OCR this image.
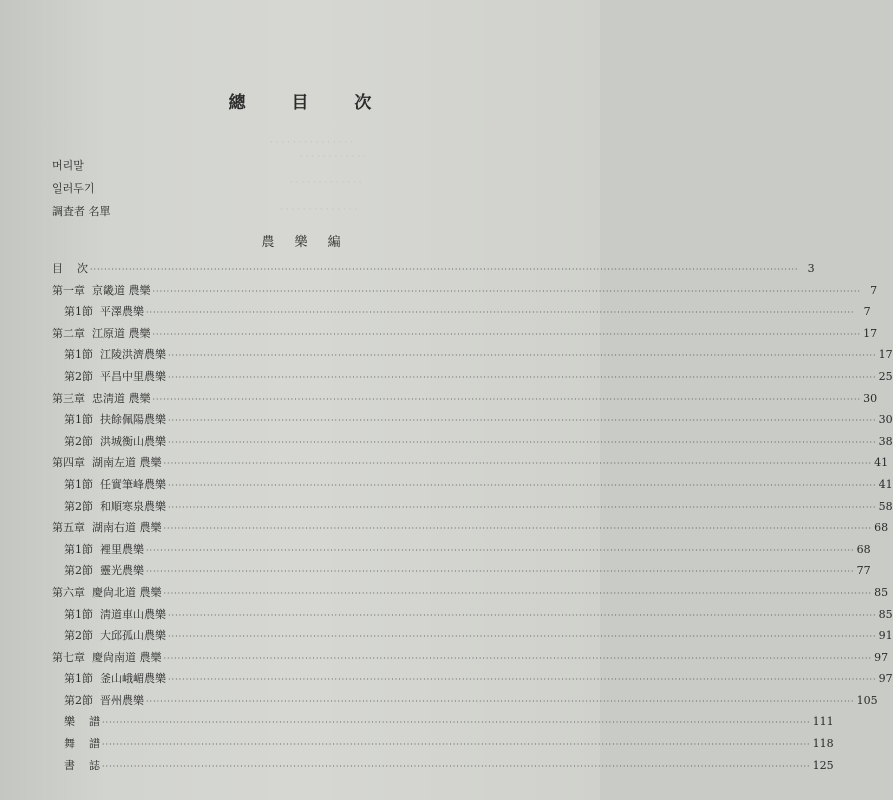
· · · · · · · · · · · · · · ·
· · · · · · · · · · · ·
· · · · · · · · · · · · ·
· · · · · · · · · · · · · ·
總 目 次
머리말
일러두기
調査者 名單
農 樂 編
目    次 ········································································································································································································ 3
第一章  京畿道 農樂 ········································································································································································································ 7
第1節  平澤農樂 ········································································································································································································ 7
第二章  江原道 農樂 ········································································································································································································ 17
第1節  江陵洪濟農樂 ········································································································································································································ 17
第2節  平昌中里農樂 ········································································································································································································ 25
第三章  忠淸道 農樂 ········································································································································································································ 30
第1節  扶餘佩陽農樂 ········································································································································································································ 30
第2節  洪城衡山農樂 ········································································································································································································ 38
第四章  湖南左道 農樂 ········································································································································································································ 41
第1節  任實筆峰農樂 ········································································································································································································ 41
第2節  和順寒泉農樂 ········································································································································································································ 58
第五章  湖南右道 農樂 ········································································································································································································ 68
第1節  裡里農樂 ········································································································································································································ 68
第2節  靈光農樂 ········································································································································································································ 77
第六章  慶尙北道 農樂 ········································································································································································································ 85
第1節  淸道車山農樂 ········································································································································································································ 85
第2節  大邱孤山農樂 ········································································································································································································ 91
第七章  慶尙南道 農樂 ········································································································································································································ 97
第1節  釜山峨嵋農樂 ········································································································································································································ 97
第2節  晋州農樂 ········································································································································································································ 105
樂    譜 ········································································································································································································ 111
舞    譜 ········································································································································································································ 118
書    誌 ········································································································································································································ 125
